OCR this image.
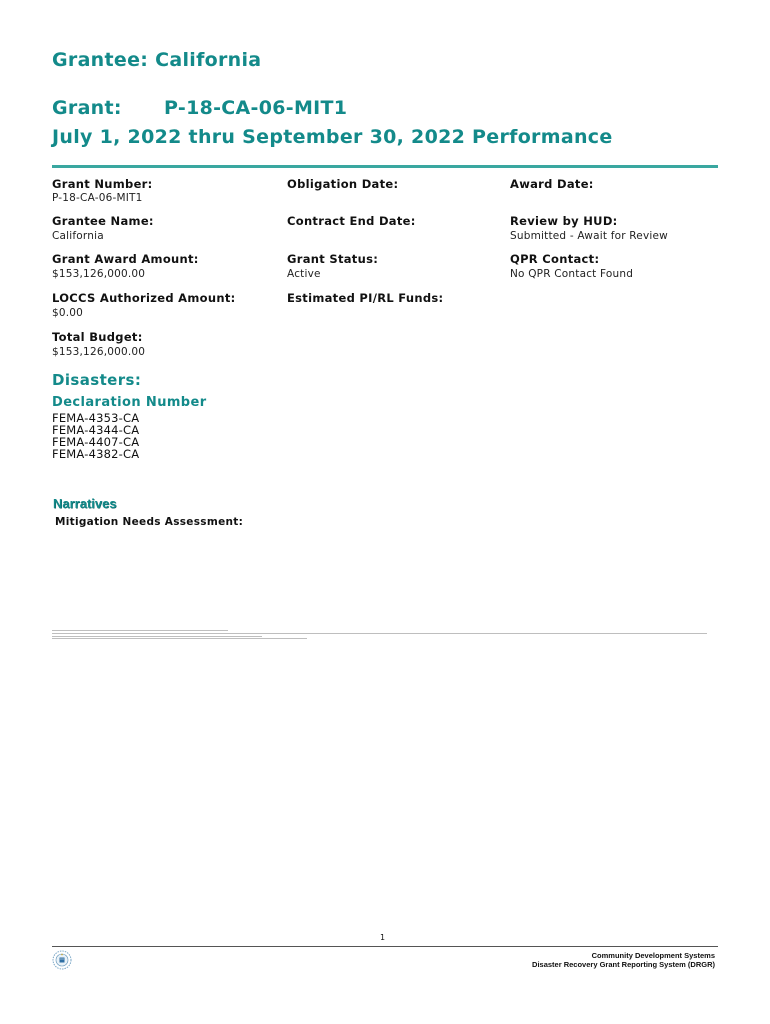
Grantee: California
Grant: P-18-CA-06-MIT1
July 1, 2022 thru September 30, 2022 Performance
Grant Number:
P-18-CA-06-MIT1
Obligation Date:	Award Date:
Grantee Name:
California
Contract End Date:	Review by HUD:
Submitted - Await for Review
Grant Award Amount:
$153,126,000.00
Grant Status:
Active
QPR Contact:
No QPR Contact Found
LOCCS Authorized Amount:
$0.00
Estimated PI/RL Funds:
Total Budget:
$153,126,000.00
Disasters:
Declaration Number
FEMA-4353-CA
FEMA-4344-CA
FEMA-4407-CA
FEMA-4382-CA
Narratives
Mitigation Needs Assessment:
1
Community Development Systems
Disaster Recovery Grant Reporting System (DRGR)
